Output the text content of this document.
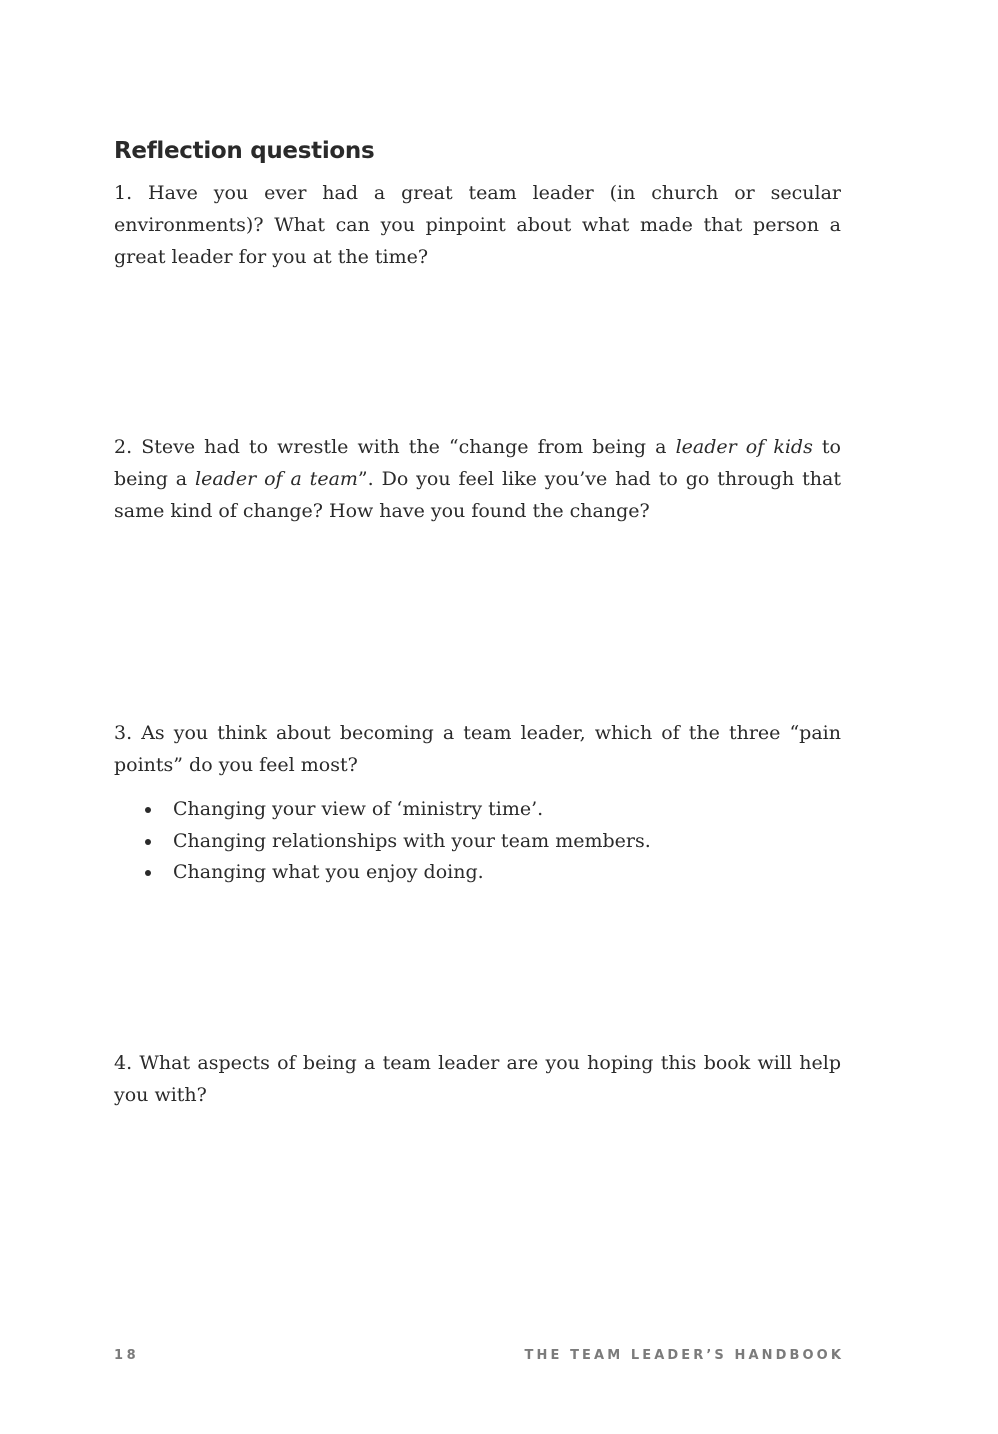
Reflection questions

1. Have you ever had a great team leader (in church or secular environments)? What can you pinpoint about what made that person a great leader for you at the time?

2. Steve had to wrestle with the “change from being a leader of kids to being a leader of a team”. Do you feel like you’ve had to go through that same kind of change? How have you found the change?

3. As you think about becoming a team leader, which of the three “pain points” do you feel most?

Changing your view of ‘ministry time’.
Changing relationships with your team members.
Changing what you enjoy doing.

4. What aspects of being a team leader are you hoping this book will help you with?

18	THE TEAM LEADER’S HANDBOOK
